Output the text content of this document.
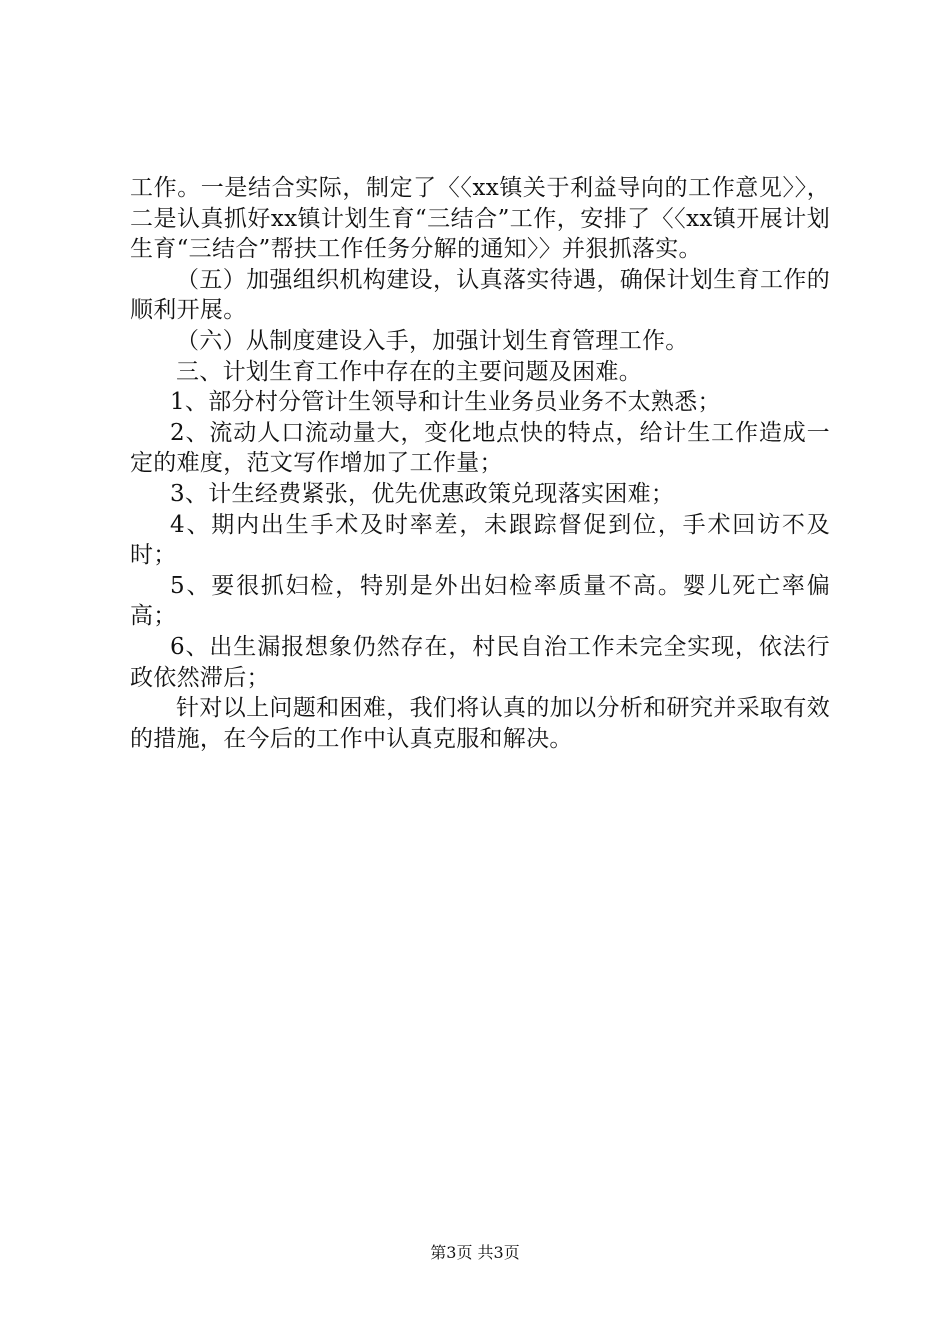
工作。一是结合实际，制定了〈〈xx镇关于利益导向的工作意见〉〉，二是认真抓好xx镇计划生育“三结合”工作，安排了〈〈xx镇开展计划生育“三结合”帮扶工作任务分解的通知〉〉并狠抓落实。

（五）加强组织机构建设，认真落实待遇，确保计划生育工作的顺利开展。

（六）从制度建设入手，加强计划生育管理工作。

三、计划生育工作中存在的主要问题及困难。

1、部分村分管计生领导和计生业务员业务不太熟悉；

2、流动人口流动量大，变化地点快的特点，给计生工作造成一定的难度，范文写作增加了工作量；

3、计生经费紧张，优先优惠政策兑现落实困难；

4、期内出生手术及时率差，未跟踪督促到位，手术回访不及时；

5、要很抓妇检，特别是外出妇检率质量不高。婴儿死亡率偏高；

6、出生漏报想象仍然存在，村民自治工作未完全实现，依法行政依然滞后；

针对以上问题和困难，我们将认真的加以分析和研究并采取有效的措施，在今后的工作中认真克服和解决。

第3页 共3页
